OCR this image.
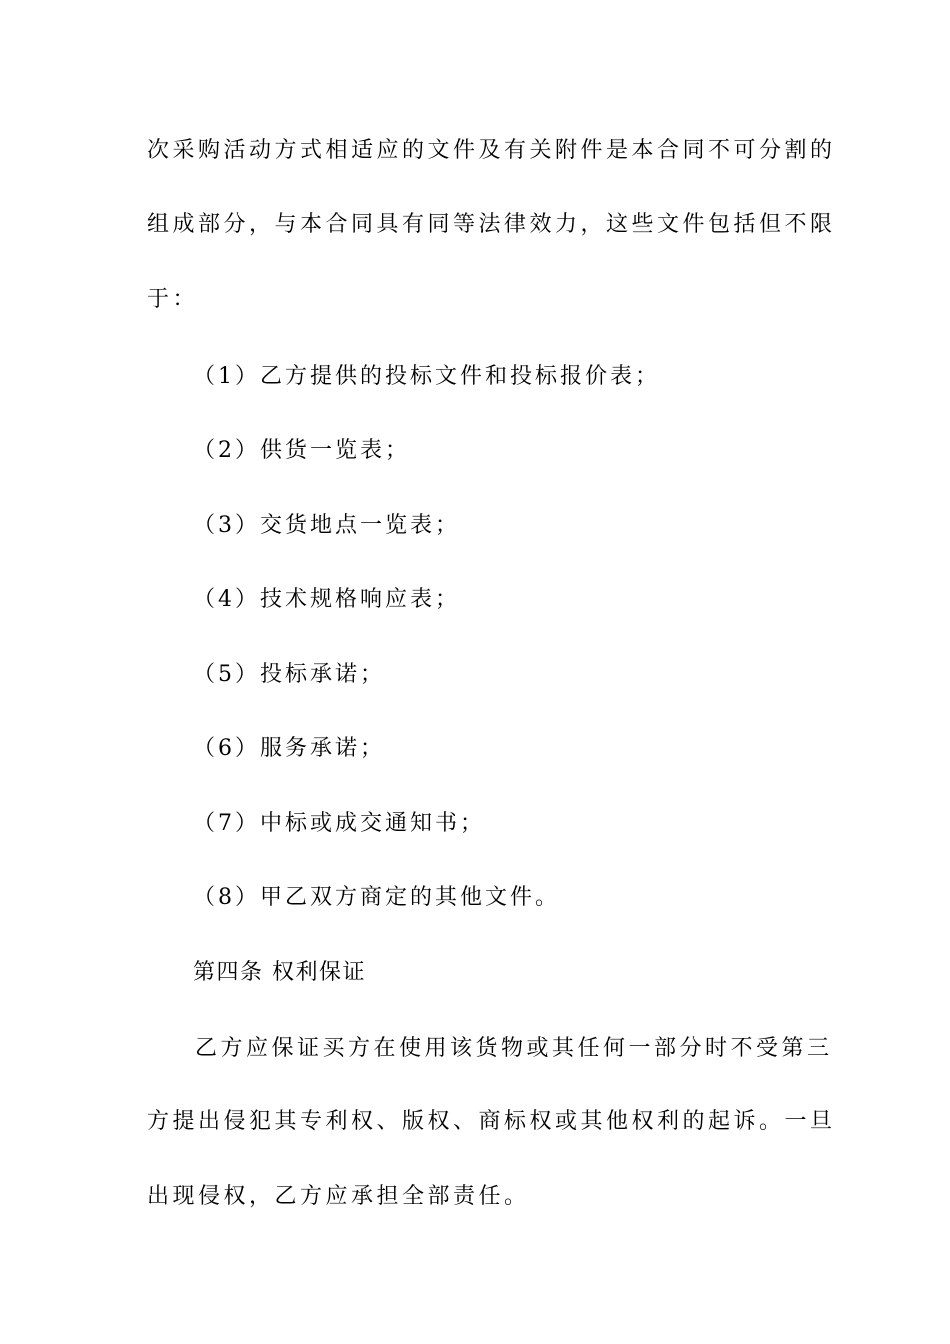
次采购活动方式相适应的文件及有关附件是本合同不可分割的
组成部分，与本合同具有同等法律效力，这些文件包括但不限
于：
（1）乙方提供的投标文件和投标报价表；
（2）供货一览表；
（3）交货地点一览表；
（4）技术规格响应表；
（5）投标承诺；
（6）服务承诺；
（7）中标或成交通知书；
（8）甲乙双方商定的其他文件。
第四条 权利保证
乙方应保证买方在使用该货物或其任何一部分时不受第三
方提出侵犯其专利权、版权、商标权或其他权利的起诉。一旦
出现侵权，乙方应承担全部责任。
